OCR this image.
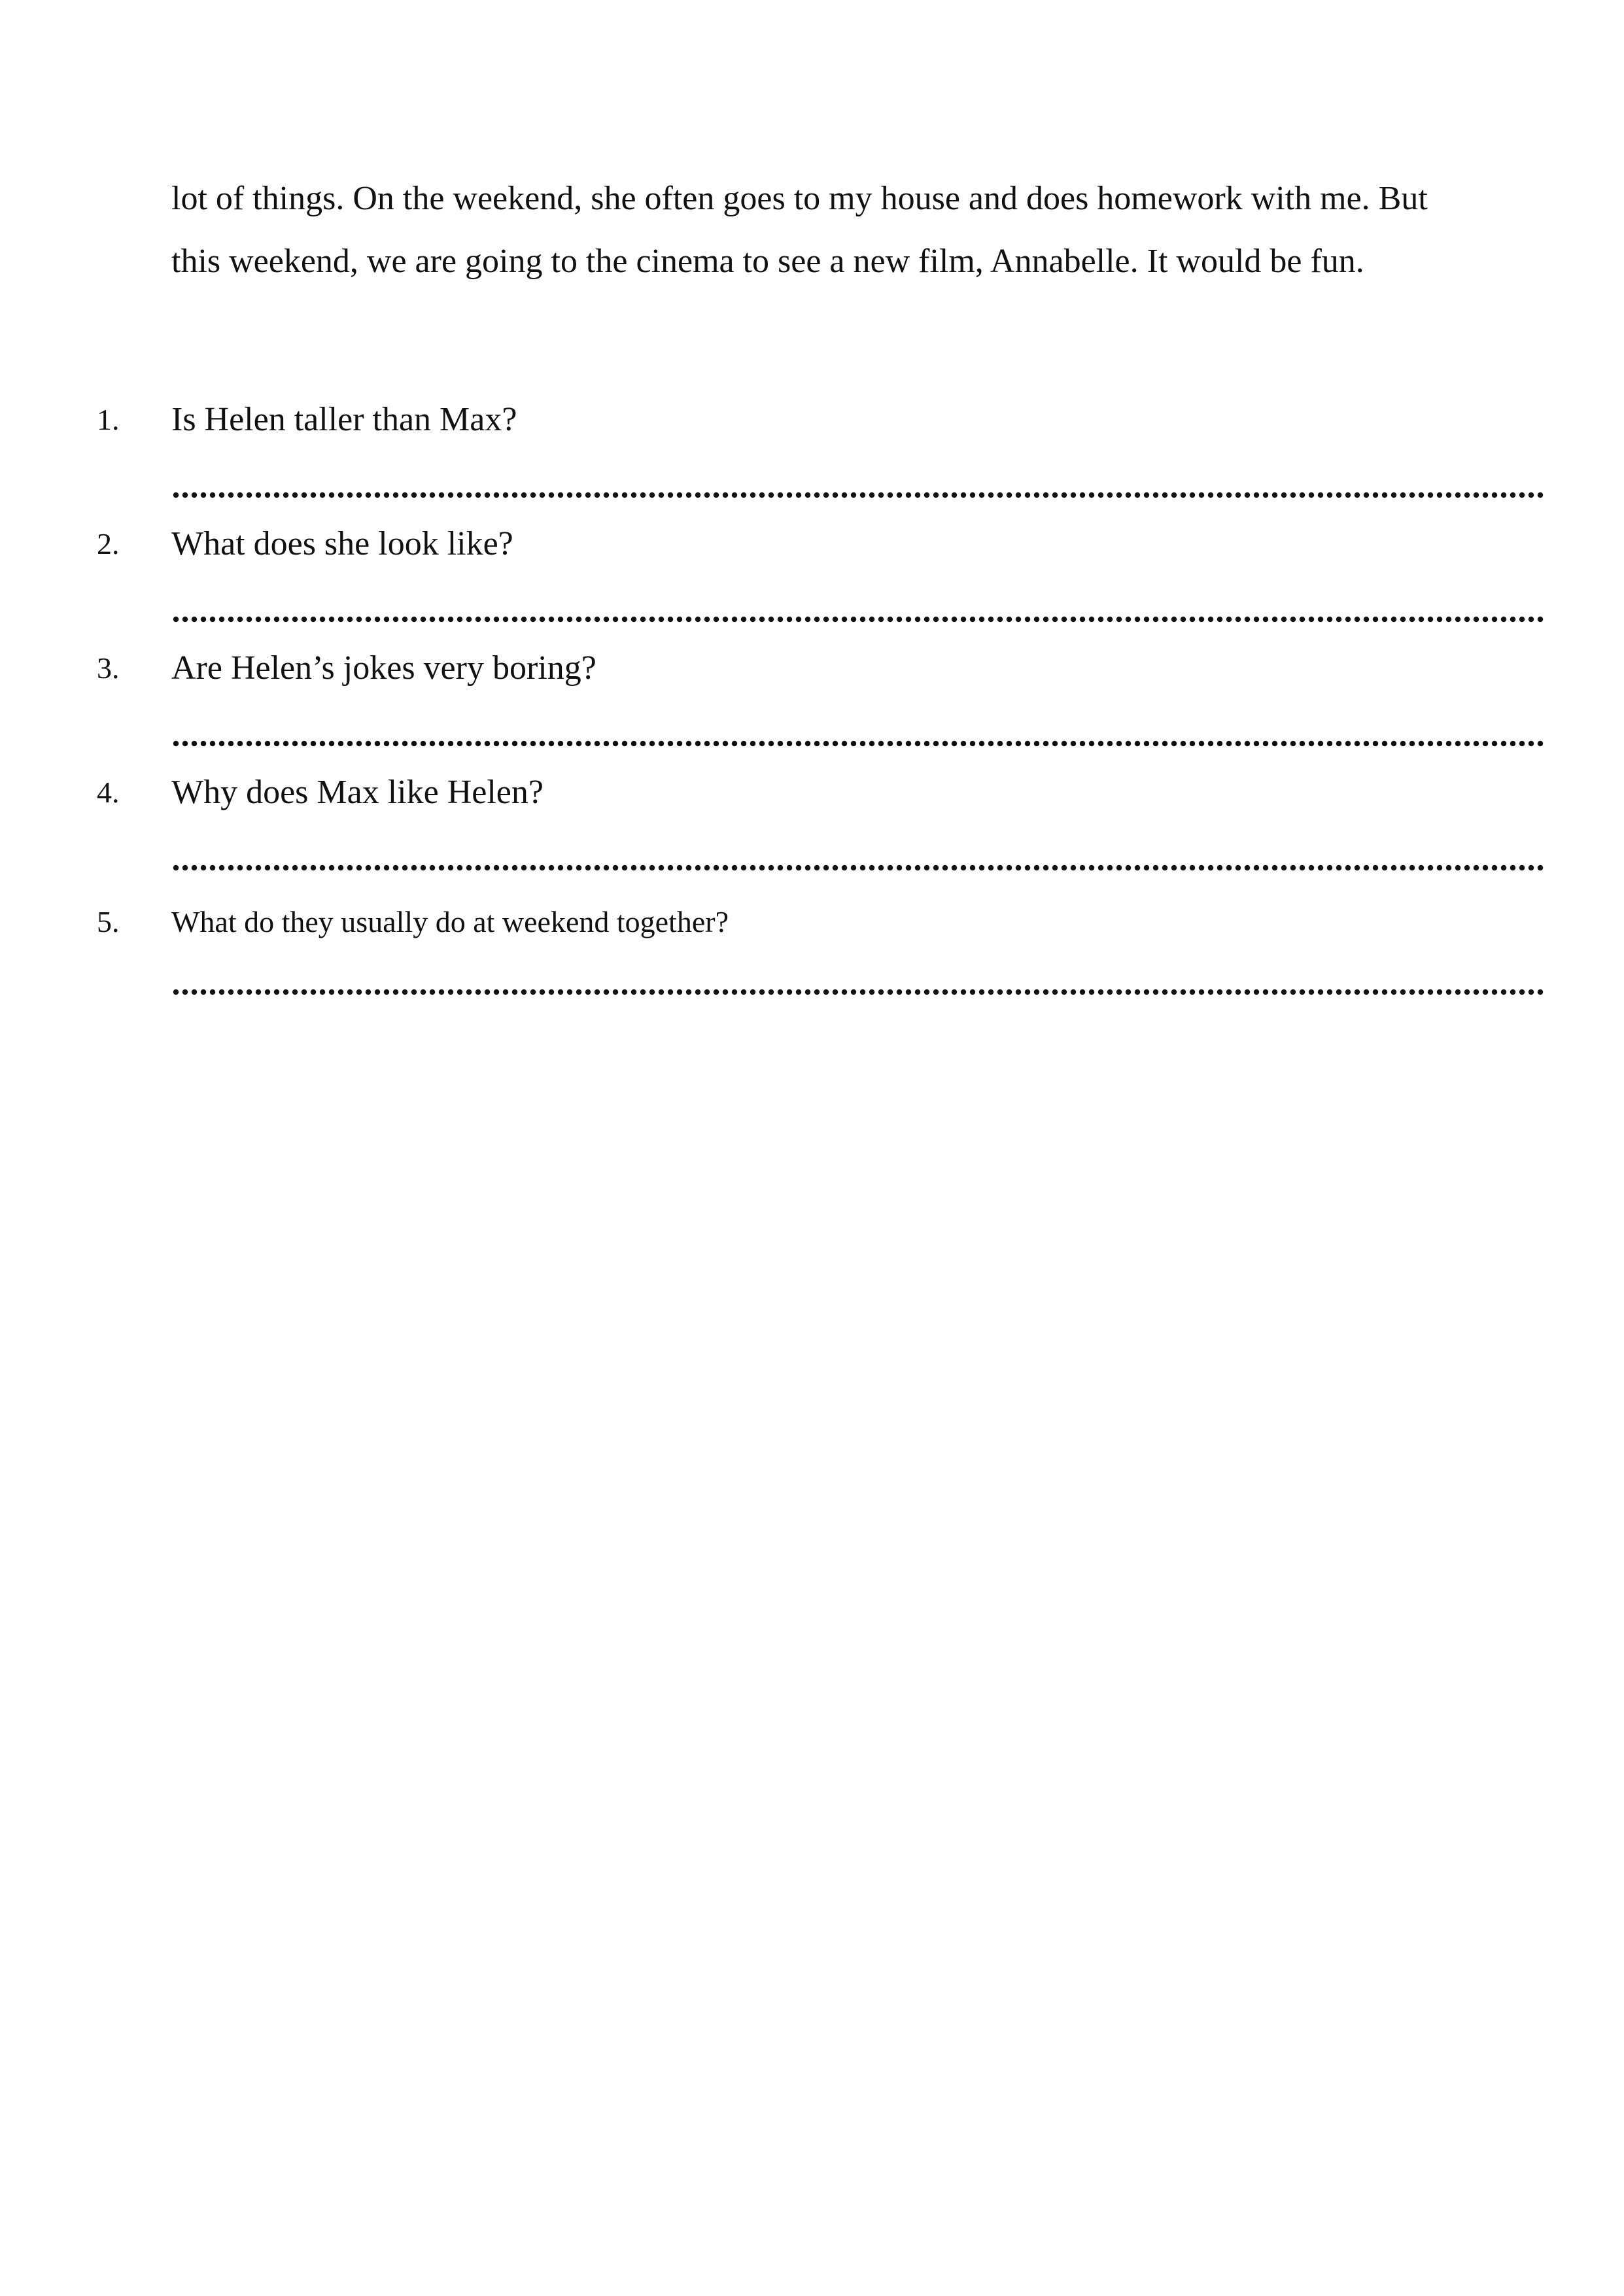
lot of things. On the weekend, she often goes to my house and does homework with me. But
this weekend, we are going to the cinema to see a new film, Annabelle. It would be fun.
1. Is Helen taller than Max?
2. What does she look like?
3. Are Helen’s jokes very boring?
4. Why does Max like Helen?
5. What do they usually do at weekend together?
